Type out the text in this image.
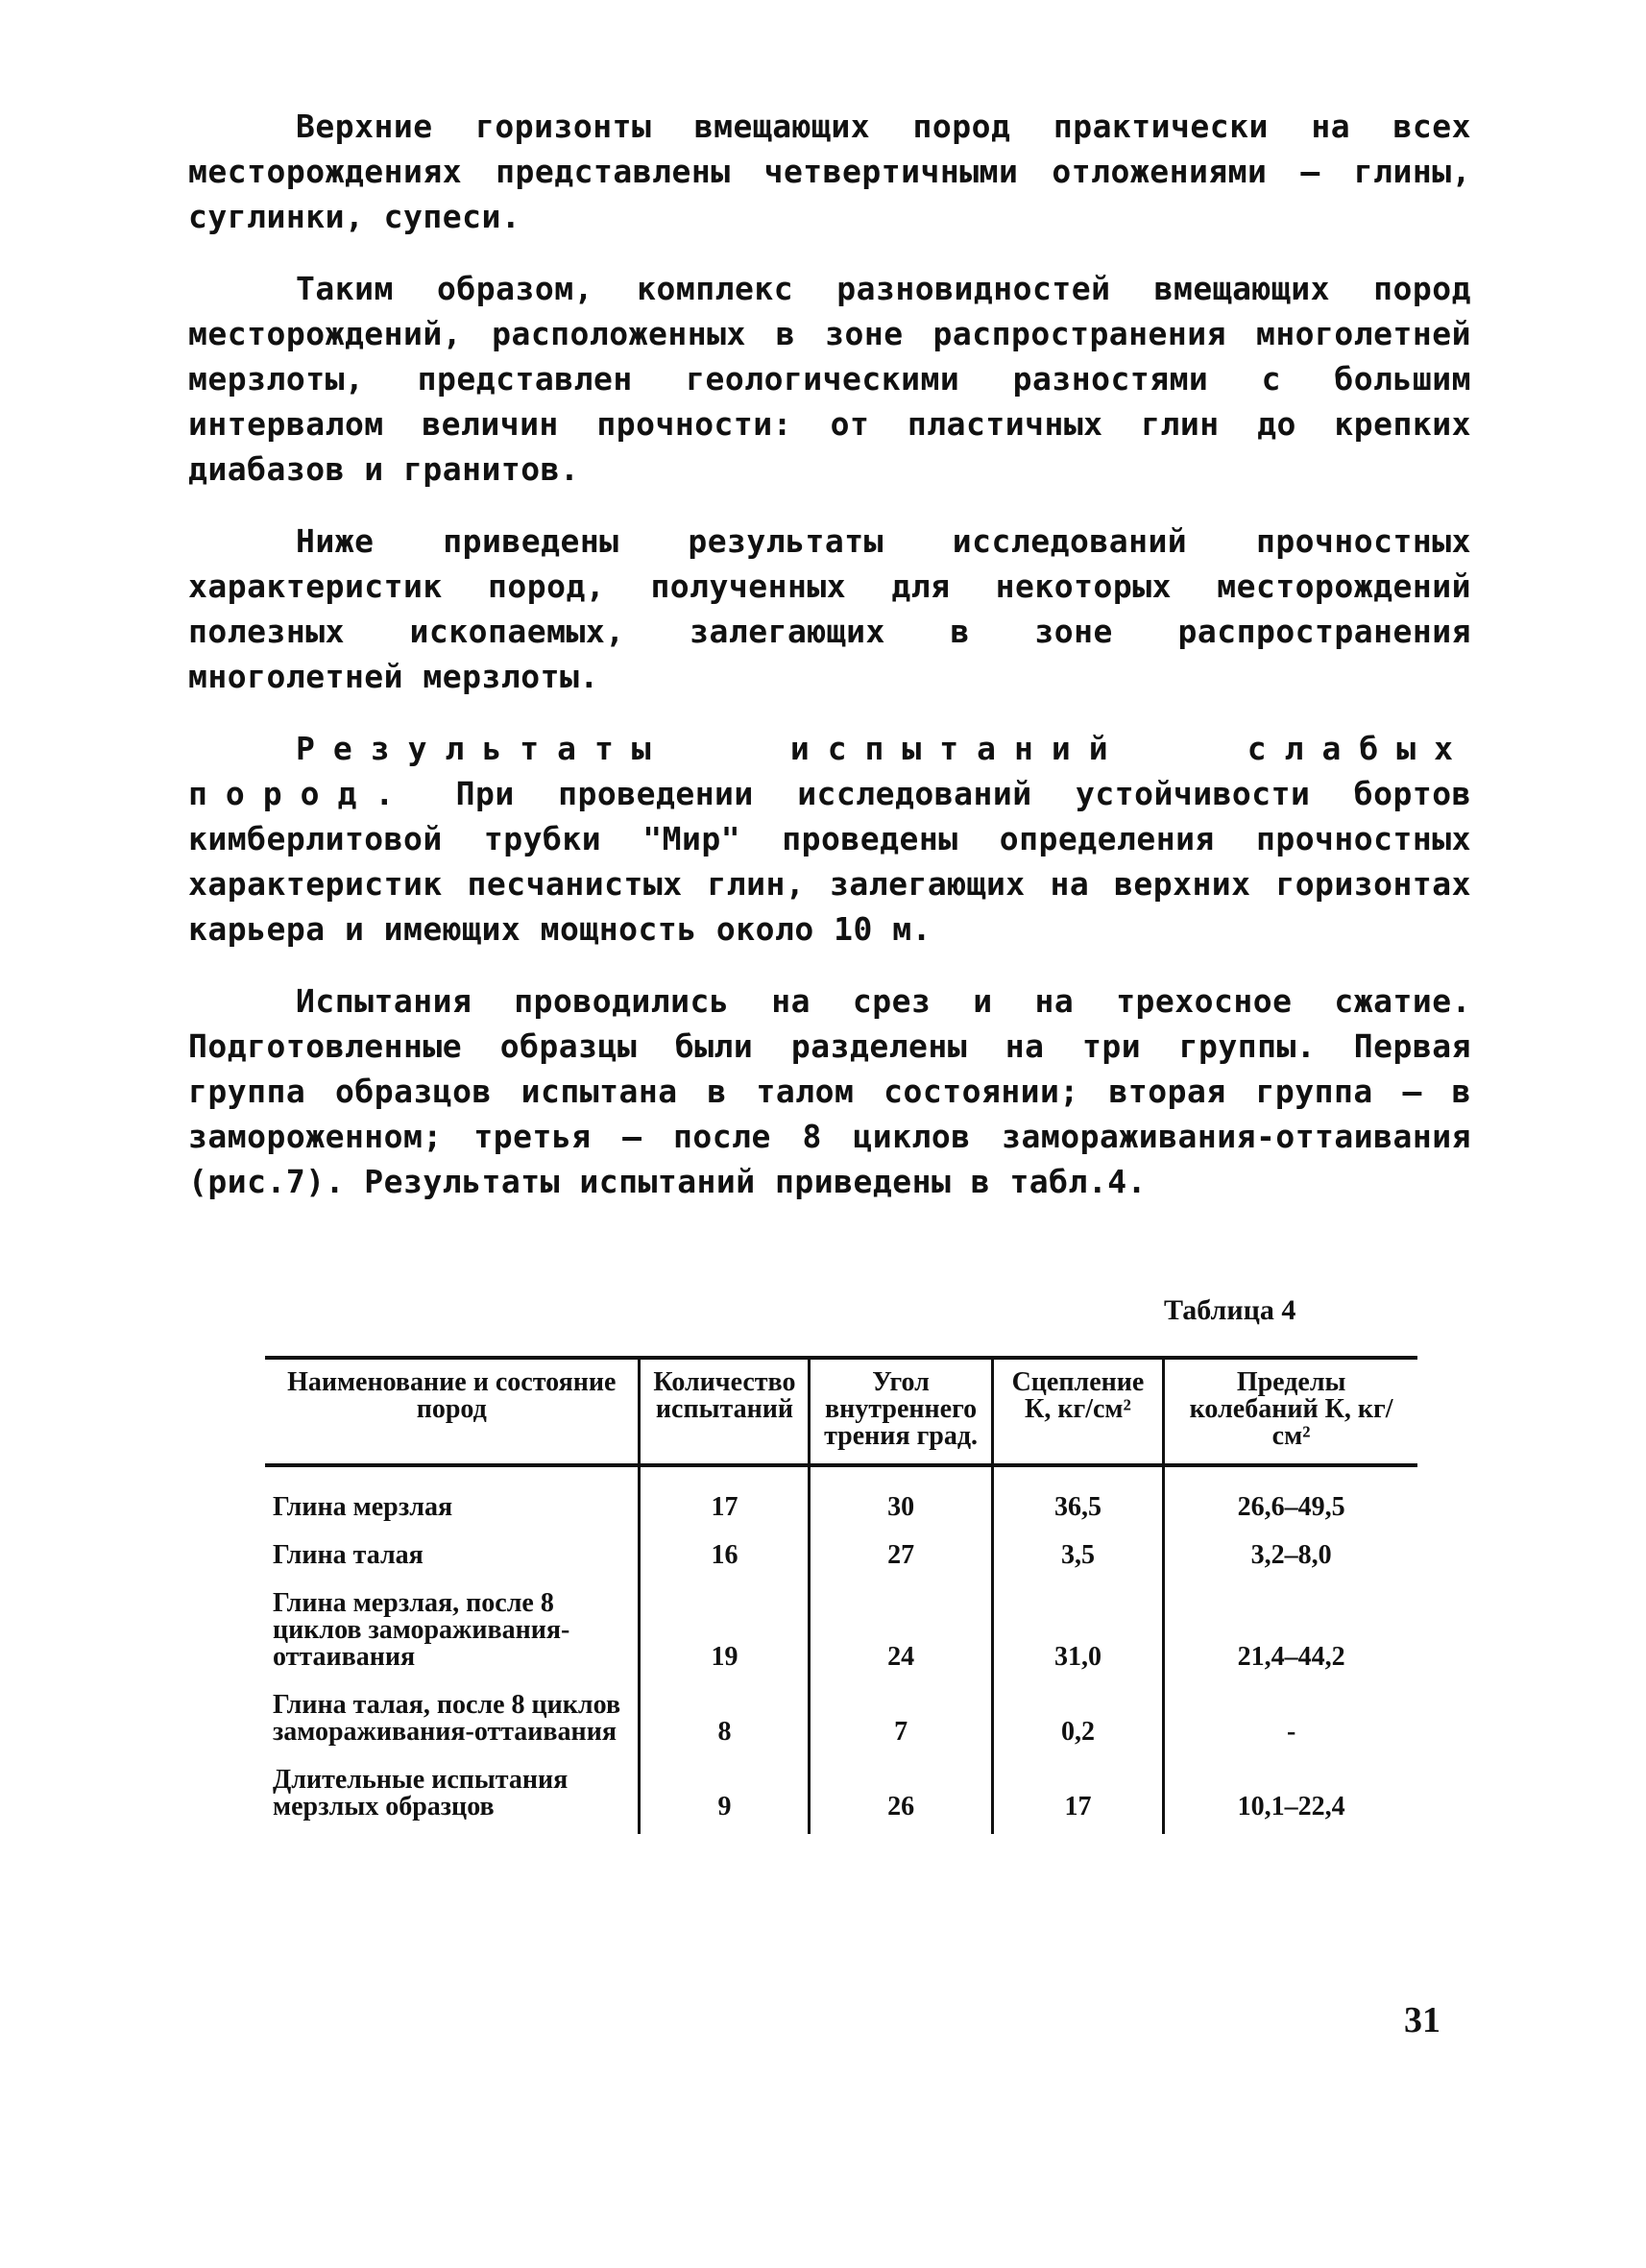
Верхние горизонты вмещающих пород практически на всех месторождениях представлены четвертичными отложениями – глины, суглинки, супеси.

Таким образом, комплекс разновидностей вмещающих пород месторождений, расположенных в зоне распространения многолетней мерзлоты, представлен геологическими разностями с большим интервалом величин прочности: от пластичных глин до крепких диабазов и гранитов.

Ниже приведены результаты исследований прочностных характеристик пород, полученных для некоторых месторождений полезных ископаемых, залегающих в зоне распространения многолетней мерзлоты.

Результаты испытаний слабых пород. При проведении исследований устойчивости бортов кимберлитовой трубки "Мир" проведены определения прочностных характеристик песчанистых глин, залегающих на верхних горизонтах карьера и имеющих мощность около 10 м.

Испытания проводились на срез и на трехосное сжатие. Подготовленные образцы были разделены на три группы. Первая группа образцов испытана в талом состоянии; вторая группа – в замороженном; третья – после 8 циклов замораживания-оттаивания (рис.7). Результаты испытаний приведены в табл.4.

Таблица 4
Наименование и состояние пород	Количество испытаний	Угол внутреннего трения град.	Сцепление К, кг/см²	Пределы колебаний К, кг/см²
Глина мерзлая	17	30	36,5	26,6–49,5
Глина талая	16	27	3,5	3,2–8,0
Глина мерзлая, после 8 циклов замораживания-оттаивания	19	24	31,0	21,4–44,2
Глина талая, после 8 циклов замораживания-оттаивания	8	7	0,2	-
Длительные испытания мерзлых образцов	9	26	17	10,1–22,4
31
